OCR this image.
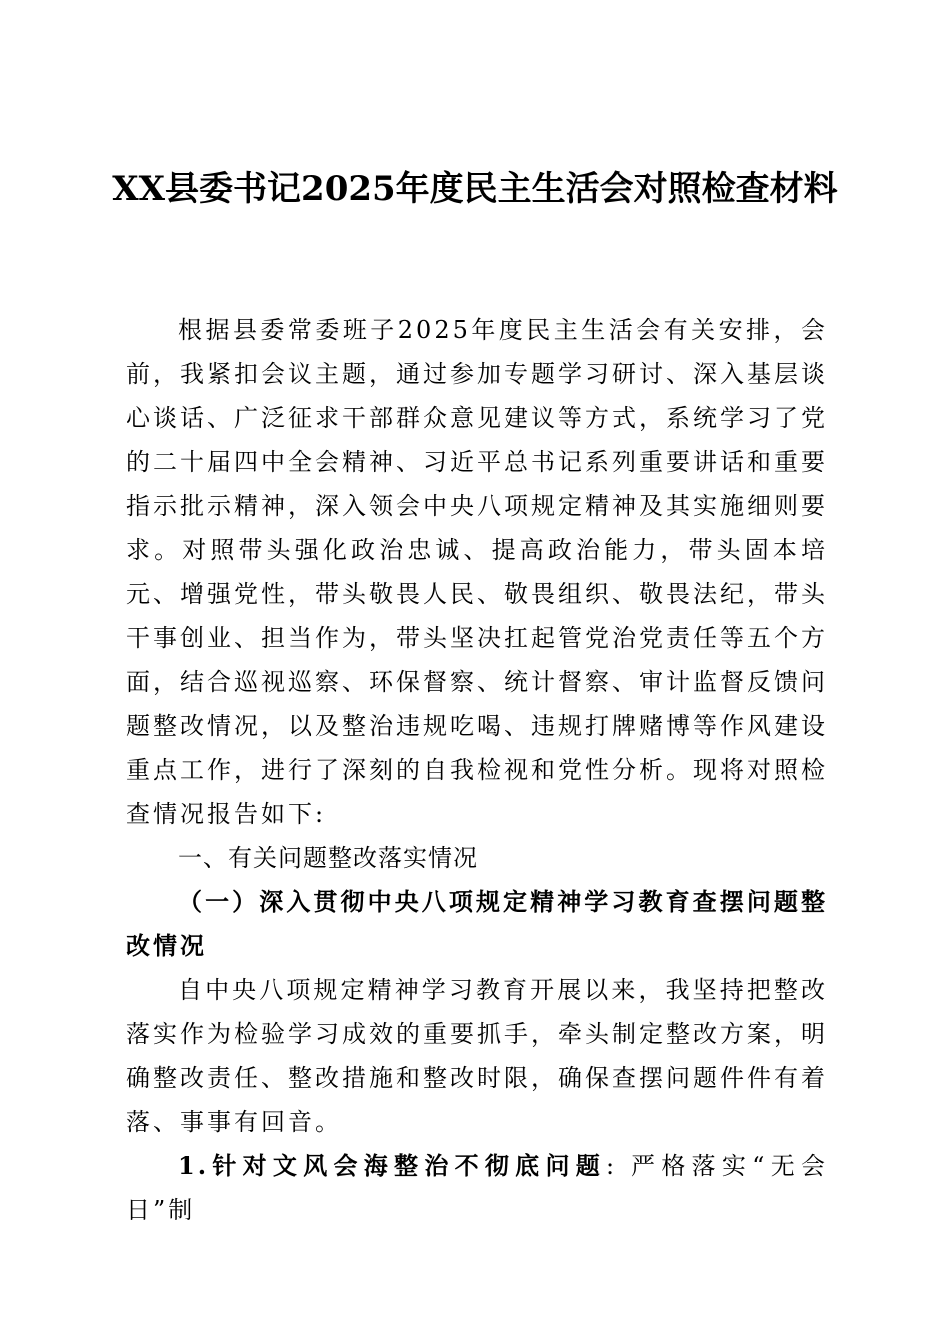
XX县委书记2025年度民主生活会对照检查材料

根据县委常委班子2025年度民主生活会有关安排，会前，我紧扣会议主题，通过参加专题学习研讨、深入基层谈心谈话、广泛征求干部群众意见建议等方式，系统学习了党的二十届四中全会精神、习近平总书记系列重要讲话和重要指示批示精神，深入领会中央八项规定精神及其实施细则要求。对照带头强化政治忠诚、提高政治能力，带头固本培元、增强党性，带头敬畏人民、敬畏组织、敬畏法纪，带头干事创业、担当作为，带头坚决扛起管党治党责任等五个方面，结合巡视巡察、环保督察、统计督察、审计监督反馈问题整改情况，以及整治违规吃喝、违规打牌赌博等作风建设重点工作，进行了深刻的自我检视和党性分析。现将对照检查情况报告如下:

一、有关问题整改落实情况

（一）深入贯彻中央八项规定精神学习教育查摆问题整改情况

自中央八项规定精神学习教育开展以来，我坚持把整改落实作为检验学习成效的重要抓手，牵头制定整改方案，明确整改责任、整改措施和整改时限，确保查摆问题件件有着落、事事有回音。

1.针对文风会海整治不彻底问题: 严格落实“无会日”制
